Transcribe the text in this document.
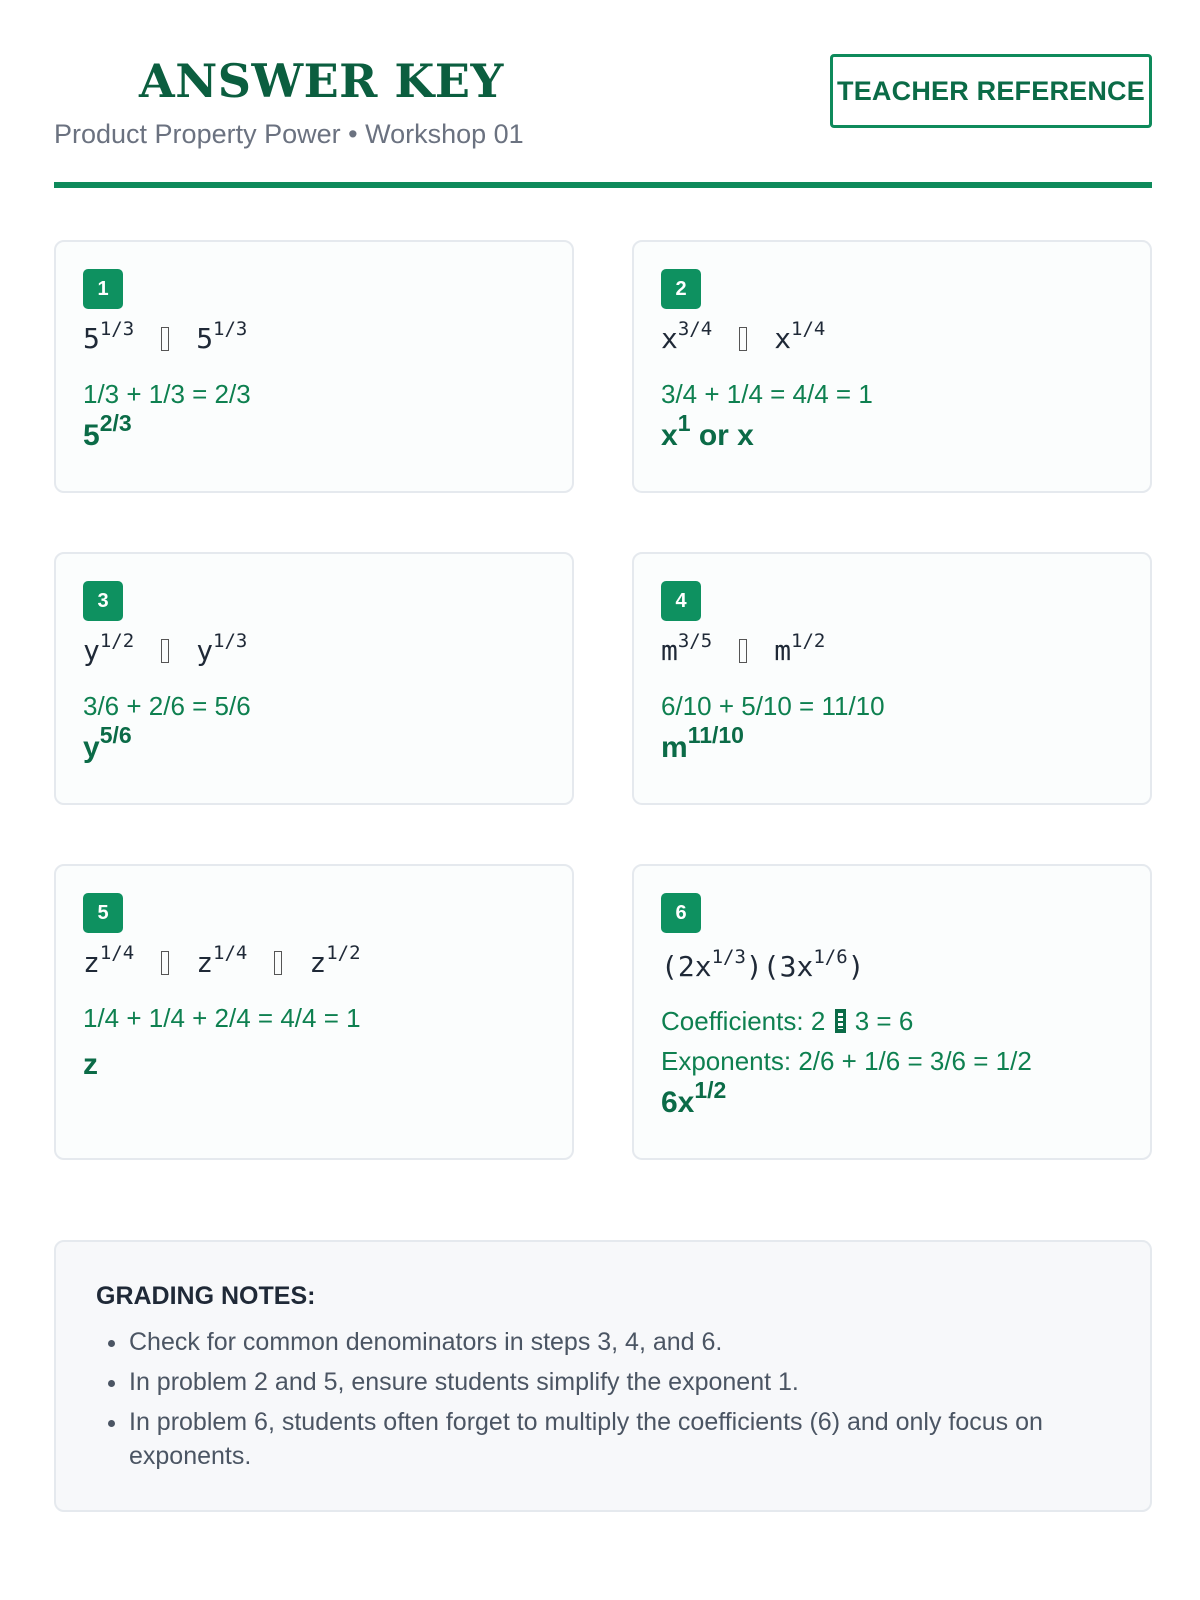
ANSWER KEY

Product Property Power • Workshop 01

TEACHER REFERENCE
1
$5^{1/3}$ $5^{1/3}$
1/3 + 1/3 = 2/3
$5^{2/3}$
2
$x^{3/4}$ $x^{1/4}$
3/4 + 1/4 = 4/4 = 1
$x^1$ or x
3
$y^{1/2}$ $y^{1/3}$
3/6 + 2/6 = 5/6
$y^{5/6}$
4
$m^{3/5}$ $m^{1/2}$
6/10 + 5/10 = 11/10
$m^{11/10}$
5
$z^{1/4}$ $z^{1/4}$ $z^{1/2}$
1/4 + 1/4 + 2/4 = 4/4 = 1
z
6
$(2x^{1/3})(3x^{1/6})$
Coefficients: 2 3 = 6
Exponents: 2/6 + 1/6 = 3/6 = 1/2
$6x^{1/2}$

GRADING NOTES:

• Check for common denominators in steps 3, 4, and 6.
• In problem 2 and 5, ensure students simplify the exponent 1.
• In problem 6, students often forget to multiply the coefficients (6) and only focus on exponents.
